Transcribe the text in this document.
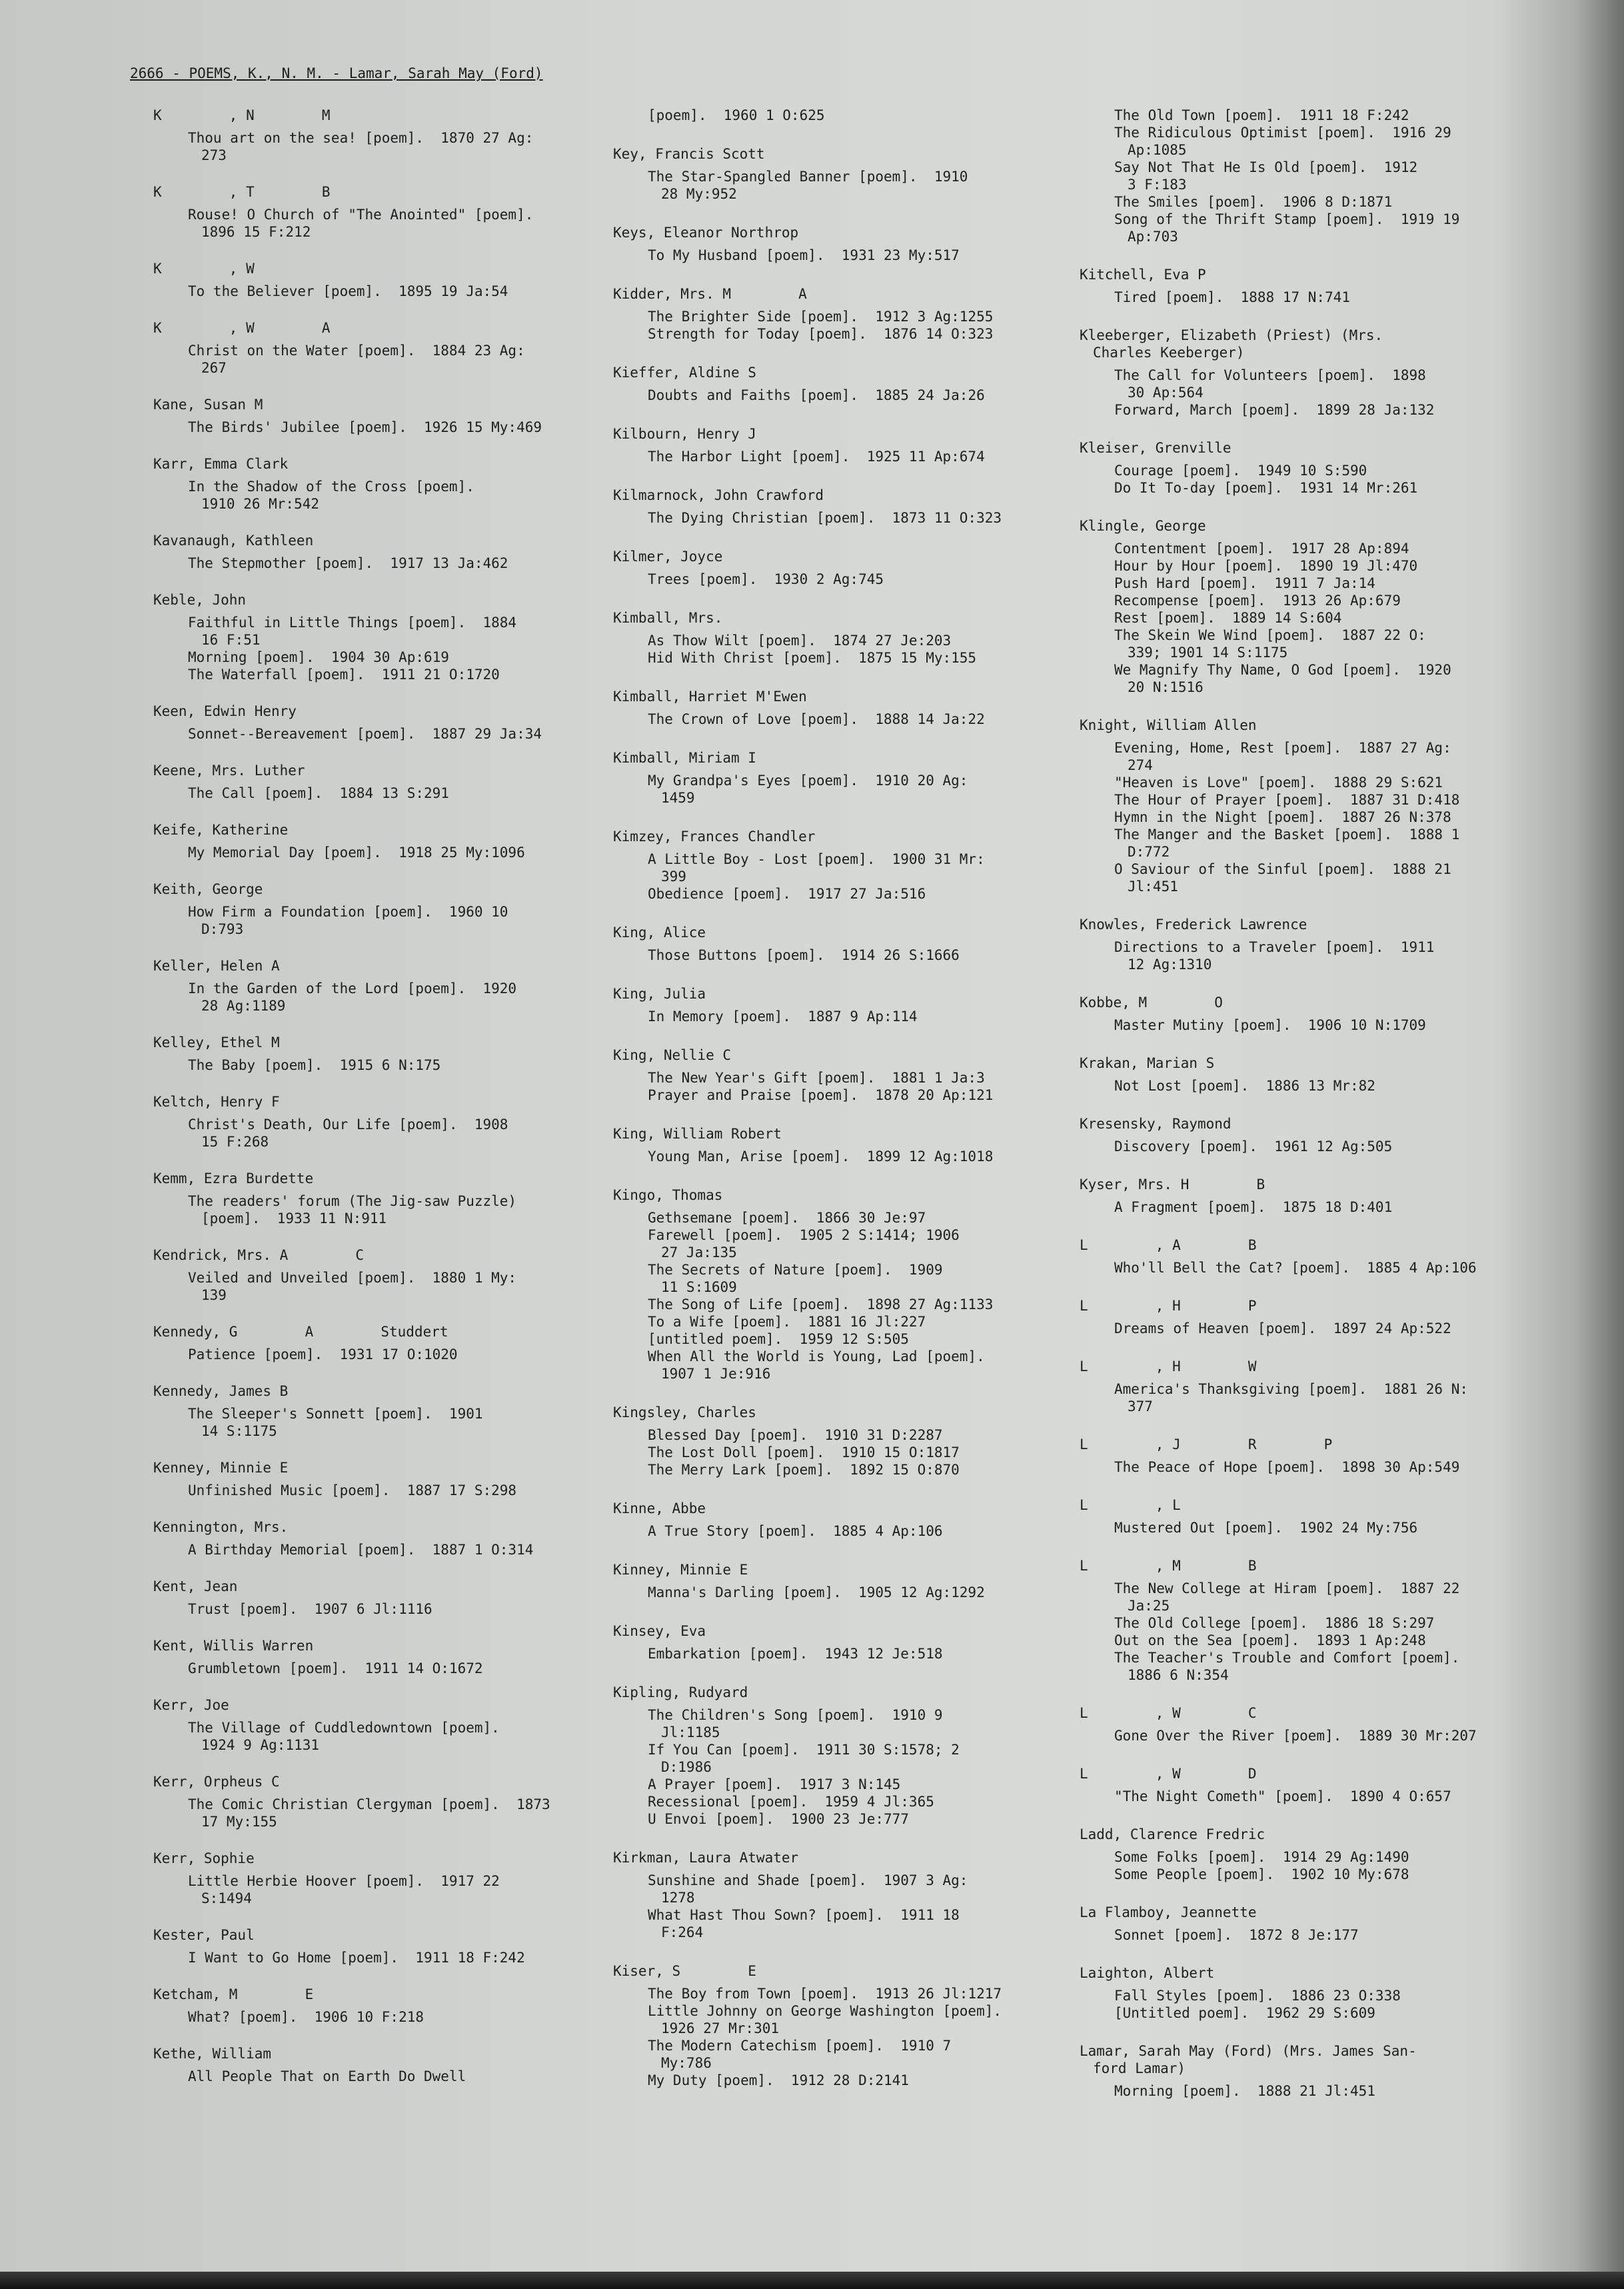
2666 - POEMS, K., N. M. - Lamar, Sarah May (Ford)
K        , N        M
Thou art on the sea! [poem].  1870 27 Ag:
273
K        , T        B
Rouse! O Church of "The Anointed" [poem].
1896 15 F:212
K        , W
To the Believer [poem].  1895 19 Ja:54
K        , W        A
Christ on the Water [poem].  1884 23 Ag:
267
Kane, Susan M
The Birds' Jubilee [poem].  1926 15 My:469
Karr, Emma Clark
In the Shadow of the Cross [poem].
1910 26 Mr:542
Kavanaugh, Kathleen
The Stepmother [poem].  1917 13 Ja:462
Keble, John
Faithful in Little Things [poem].  1884
16 F:51
Morning [poem].  1904 30 Ap:619
The Waterfall [poem].  1911 21 O:1720
Keen, Edwin Henry
Sonnet--Bereavement [poem].  1887 29 Ja:34
Keene, Mrs. Luther
The Call [poem].  1884 13 S:291
Keife, Katherine
My Memorial Day [poem].  1918 25 My:1096
Keith, George
How Firm a Foundation [poem].  1960 10
D:793
Keller, Helen A
In the Garden of the Lord [poem].  1920
28 Ag:1189
Kelley, Ethel M
The Baby [poem].  1915 6 N:175
Keltch, Henry F
Christ's Death, Our Life [poem].  1908
15 F:268
Kemm, Ezra Burdette
The readers' forum (The Jig-saw Puzzle)
[poem].  1933 11 N:911
Kendrick, Mrs. A        C
Veiled and Unveiled [poem].  1880 1 My:
139
Kennedy, G        A        Studdert
Patience [poem].  1931 17 O:1020
Kennedy, James B
The Sleeper's Sonnett [poem].  1901
14 S:1175
Kenney, Minnie E
Unfinished Music [poem].  1887 17 S:298
Kennington, Mrs.
A Birthday Memorial [poem].  1887 1 O:314
Kent, Jean
Trust [poem].  1907 6 Jl:1116
Kent, Willis Warren
Grumbletown [poem].  1911 14 O:1672
Kerr, Joe
The Village of Cuddledowntown [poem].
1924 9 Ag:1131
Kerr, Orpheus C
The Comic Christian Clergyman [poem].  1873
17 My:155
Kerr, Sophie
Little Herbie Hoover [poem].  1917 22
S:1494
Kester, Paul
I Want to Go Home [poem].  1911 18 F:242
Ketcham, M        E
What? [poem].  1906 10 F:218
Kethe, William
All People That on Earth Do Dwell
[poem].  1960 1 O:625
Key, Francis Scott
The Star-Spangled Banner [poem].  1910
28 My:952
Keys, Eleanor Northrop
To My Husband [poem].  1931 23 My:517
Kidder, Mrs. M        A
The Brighter Side [poem].  1912 3 Ag:1255
Strength for Today [poem].  1876 14 O:323
Kieffer, Aldine S
Doubts and Faiths [poem].  1885 24 Ja:26
Kilbourn, Henry J
The Harbor Light [poem].  1925 11 Ap:674
Kilmarnock, John Crawford
The Dying Christian [poem].  1873 11 O:323
Kilmer, Joyce
Trees [poem].  1930 2 Ag:745
Kimball, Mrs.
As Thow Wilt [poem].  1874 27 Je:203
Hid With Christ [poem].  1875 15 My:155
Kimball, Harriet M'Ewen
The Crown of Love [poem].  1888 14 Ja:22
Kimball, Miriam I
My Grandpa's Eyes [poem].  1910 20 Ag:
1459
Kimzey, Frances Chandler
A Little Boy - Lost [poem].  1900 31 Mr:
399
Obedience [poem].  1917 27 Ja:516
King, Alice
Those Buttons [poem].  1914 26 S:1666
King, Julia
In Memory [poem].  1887 9 Ap:114
King, Nellie C
The New Year's Gift [poem].  1881 1 Ja:3
Prayer and Praise [poem].  1878 20 Ap:121
King, William Robert
Young Man, Arise [poem].  1899 12 Ag:1018
Kingo, Thomas
Gethsemane [poem].  1866 30 Je:97
Farewell [poem].  1905 2 S:1414; 1906
27 Ja:135
The Secrets of Nature [poem].  1909
11 S:1609
The Song of Life [poem].  1898 27 Ag:1133
To a Wife [poem].  1881 16 Jl:227
[untitled poem].  1959 12 S:505
When All the World is Young, Lad [poem].
1907 1 Je:916
Kingsley, Charles
Blessed Day [poem].  1910 31 D:2287
The Lost Doll [poem].  1910 15 O:1817
The Merry Lark [poem].  1892 15 O:870
Kinne, Abbe
A True Story [poem].  1885 4 Ap:106
Kinney, Minnie E
Manna's Darling [poem].  1905 12 Ag:1292
Kinsey, Eva
Embarkation [poem].  1943 12 Je:518
Kipling, Rudyard
The Children's Song [poem].  1910 9
Jl:1185
If You Can [poem].  1911 30 S:1578; 2
D:1986
A Prayer [poem].  1917 3 N:145
Recessional [poem].  1959 4 Jl:365
U Envoi [poem].  1900 23 Je:777
Kirkman, Laura Atwater
Sunshine and Shade [poem].  1907 3 Ag:
1278
What Hast Thou Sown? [poem].  1911 18
F:264
Kiser, S        E
The Boy from Town [poem].  1913 26 Jl:1217
Little Johnny on George Washington [poem].
1926 27 Mr:301
The Modern Catechism [poem].  1910 7
My:786
My Duty [poem].  1912 28 D:2141
The Old Town [poem].  1911 18 F:242
The Ridiculous Optimist [poem].  1916 29
Ap:1085
Say Not That He Is Old [poem].  1912
3 F:183
The Smiles [poem].  1906 8 D:1871
Song of the Thrift Stamp [poem].  1919 19
Ap:703
Kitchell, Eva P
Tired [poem].  1888 17 N:741
Kleeberger, Elizabeth (Priest) (Mrs.
Charles Keeberger)
The Call for Volunteers [poem].  1898
30 Ap:564
Forward, March [poem].  1899 28 Ja:132
Kleiser, Grenville
Courage [poem].  1949 10 S:590
Do It To-day [poem].  1931 14 Mr:261
Klingle, George
Contentment [poem].  1917 28 Ap:894
Hour by Hour [poem].  1890 19 Jl:470
Push Hard [poem].  1911 7 Ja:14
Recompense [poem].  1913 26 Ap:679
Rest [poem].  1889 14 S:604
The Skein We Wind [poem].  1887 22 O:
339; 1901 14 S:1175
We Magnify Thy Name, O God [poem].  1920
20 N:1516
Knight, William Allen
Evening, Home, Rest [poem].  1887 27 Ag:
274
"Heaven is Love" [poem].  1888 29 S:621
The Hour of Prayer [poem].  1887 31 D:418
Hymn in the Night [poem].  1887 26 N:378
The Manger and the Basket [poem].  1888 1
D:772
O Saviour of the Sinful [poem].  1888 21
Jl:451
Knowles, Frederick Lawrence
Directions to a Traveler [poem].  1911
12 Ag:1310
Kobbe, M        O
Master Mutiny [poem].  1906 10 N:1709
Krakan, Marian S
Not Lost [poem].  1886 13 Mr:82
Kresensky, Raymond
Discovery [poem].  1961 12 Ag:505
Kyser, Mrs. H        B
A Fragment [poem].  1875 18 D:401
L        , A        B
Who'll Bell the Cat? [poem].  1885 4 Ap:106
L        , H        P
Dreams of Heaven [poem].  1897 24 Ap:522
L        , H        W
America's Thanksgiving [poem].  1881 26 N:
377
L        , J        R        P
The Peace of Hope [poem].  1898 30 Ap:549
L        , L
Mustered Out [poem].  1902 24 My:756
L        , M        B
The New College at Hiram [poem].  1887 22
Ja:25
The Old College [poem].  1886 18 S:297
Out on the Sea [poem].  1893 1 Ap:248
The Teacher's Trouble and Comfort [poem].
1886 6 N:354
L        , W        C
Gone Over the River [poem].  1889 30 Mr:207
L        , W        D
"The Night Cometh" [poem].  1890 4 O:657
Ladd, Clarence Fredric
Some Folks [poem].  1914 29 Ag:1490
Some People [poem].  1902 10 My:678
La Flamboy, Jeannette
Sonnet [poem].  1872 8 Je:177
Laighton, Albert
Fall Styles [poem].  1886 23 O:338
[Untitled poem].  1962 29 S:609
Lamar, Sarah May (Ford) (Mrs. James San-
ford Lamar)
Morning [poem].  1888 21 Jl:451
